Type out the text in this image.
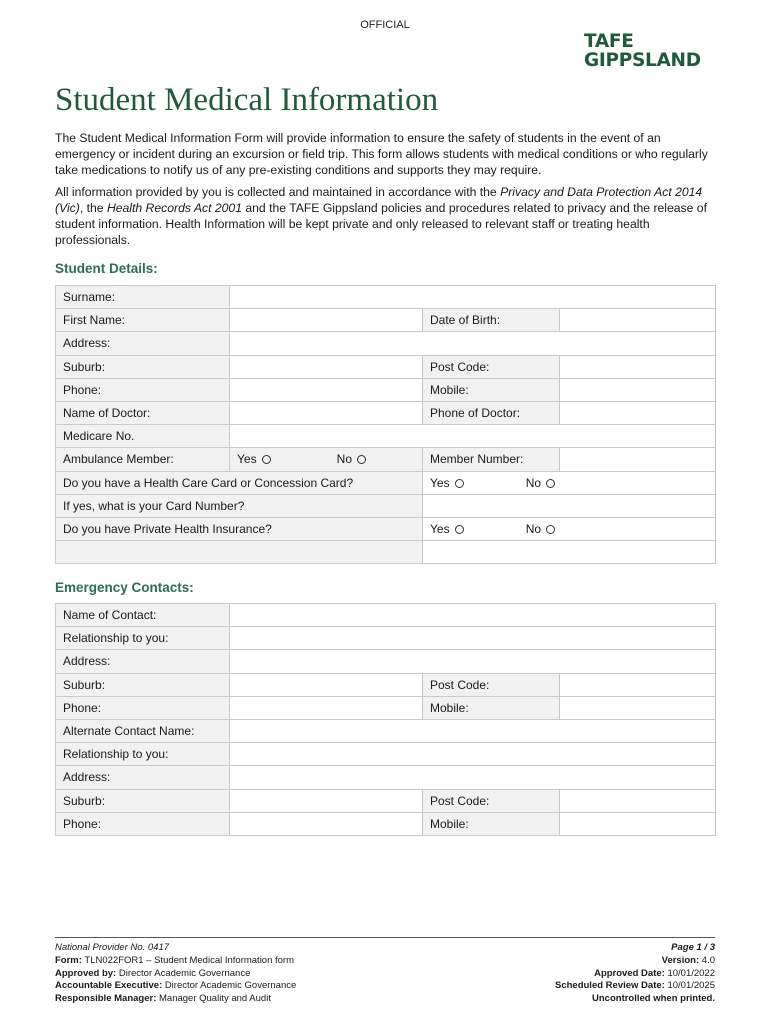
OFFICIAL
TAFE
GIPPSLAND
Student Medical Information

The Student Medical Information Form will provide information to ensure the safety of students in the event of an emergency or incident during an excursion or field trip. This form allows students with medical conditions or who regularly take medications to notify us of any pre-existing conditions and supports they may require.

All information provided by you is collected and maintained in accordance with the Privacy and Data Protection Act 2014 (Vic), the Health Records Act 2001 and the TAFE Gippsland policies and procedures related to privacy and the release of student information. Health Information will be kept private and only released to relevant staff or treating health professionals.

Student Details:
Surname:			
First Name:		Date of Birth:	
Address:			
Suburb:		Post Code:	
Phone:		Mobile:	
Name of Doctor:		Phone of Doctor:	
Medicare No.			
Ambulance Member:	Yes No	Member Number:	
Do you have a Health Care Card or Concession Card?		Yes No	

If yes, what is your Card Number?			
Do you have Private Health Insurance?		Yes No	

Emergency Contacts:
Name of Contact:			
Relationship to you:			
Address:			
Suburb:		Post Code:	
Phone:		Mobile:	
Alternate Contact Name:			
Relationship to you:			
Address:			
Suburb:		Post Code:	
Phone:		Mobile:	
National Provider No. 0417
Form: TLN022FOR1 – Student Medical Information form
Approved by: Director Academic Governance
Accountable Executive: Director Academic Governance
Responsible Manager: Manager Quality and Audit
Page 1 / 3
Version: 4.0
Approved Date: 10/01/2022
Scheduled Review Date: 10/01/2025
Uncontrolled when printed.
